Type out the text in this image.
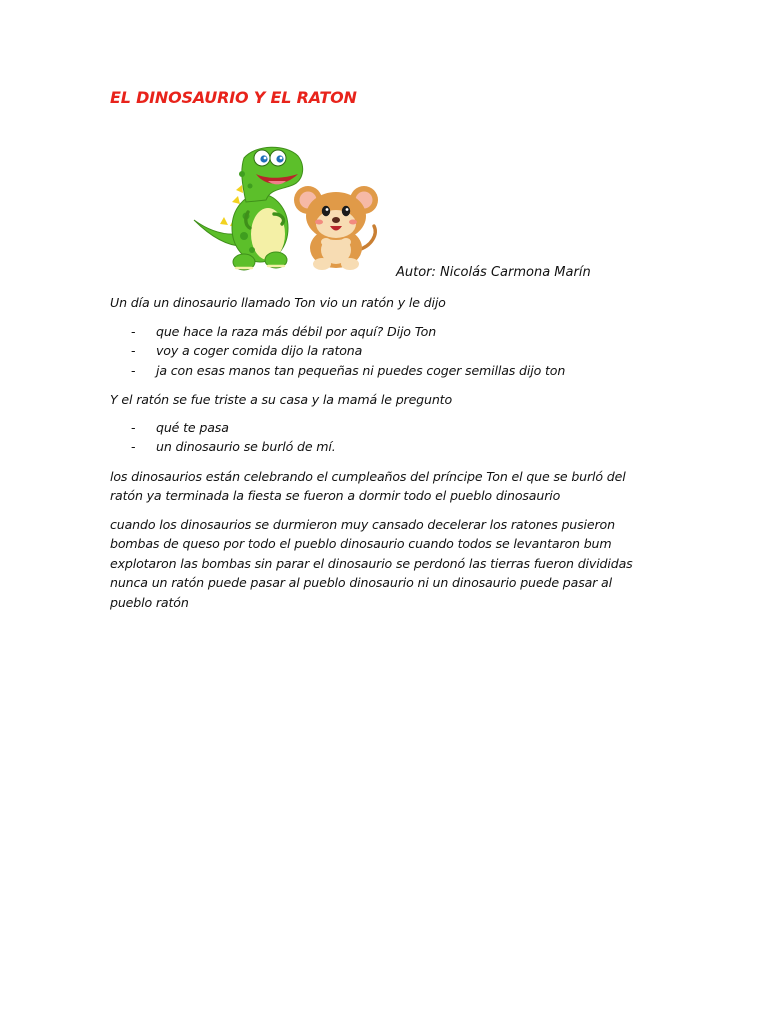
EL DINOSAURIO Y EL RATON

Autor: Nicolás Carmona Marín

Un día un dinosaurio llamado Ton vio un ratón y le dijo

- que hace la raza más débil por aquí? Dijo Ton
- voy a coger comida dijo la ratona
- ja con esas manos tan pequeñas ni puedes coger semillas dijo ton

Y el ratón se fue triste a su casa y la mamá le pregunto

- qué te pasa
- un dinosaurio se burló de mí.

los dinosaurios están celebrando el cumpleaños del príncipe Ton el que se burló del ratón ya terminada la fiesta se fueron a dormir todo el pueblo dinosaurio

cuando los dinosaurios se durmieron muy cansado decelerar los ratones pusieron bombas de queso por todo el pueblo dinosaurio cuando todos se levantaron bum explotaron las bombas sin parar el dinosaurio se perdonó las tierras fueron divididas nunca un ratón puede pasar al pueblo dinosaurio ni un dinosaurio puede pasar al pueblo ratón
